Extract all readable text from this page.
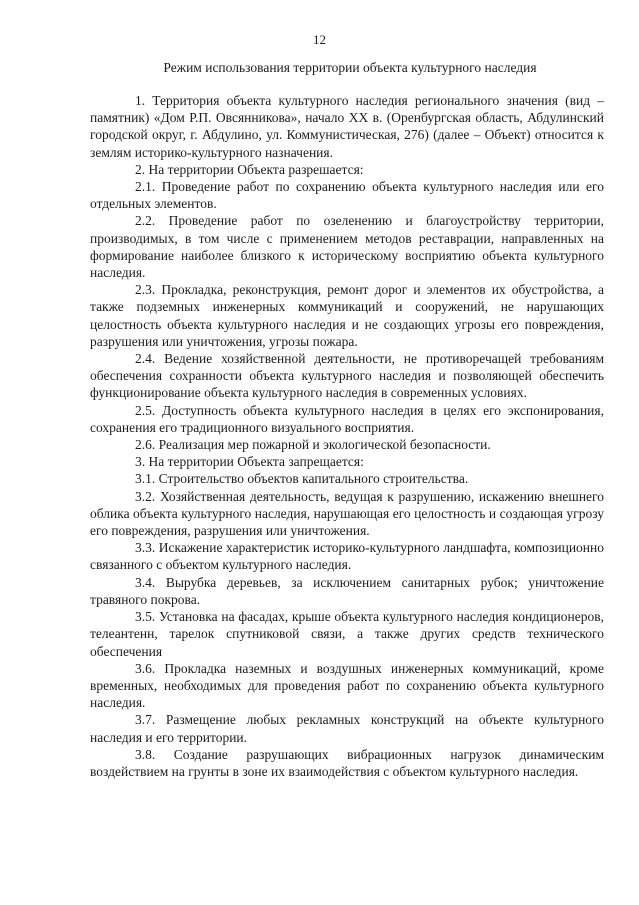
12
Режим использования территории объекта культурного наследия

1. Территория объекта культурного наследия регионального значения (вид – памятник) «Дом Р.П. Овсянникова», начало XX в. (Оренбургская область, Абдулинский городской округ, г. Абдулино, ул. Коммунистическая, 276) (далее – Объект) относится к землям историко-культурного назначения.

2. На территории Объекта разрешается:

2.1. Проведение работ по сохранению объекта культурного наследия или его отдельных элементов.

2.2. Проведение работ по озеленению и благоустройству территории, производимых, в том числе с применением методов реставрации, направленных на формирование наиболее близкого к историческому восприятию объекта культурного наследия.

2.3. Прокладка, реконструкция, ремонт дорог и элементов их обустройства, а также подземных инженерных коммуникаций и сооружений, не нарушающих целостность объекта культурного наследия и не создающих угрозы его повреждения, разрушения или уничтожения, угрозы пожара.

2.4. Ведение хозяйственной деятельности, не противоречащей требованиям обеспечения сохранности объекта культурного наследия и позволяющей обеспечить функционирование объекта культурного наследия в современных условиях.

2.5. Доступность объекта культурного наследия в целях его экспонирования, сохранения его традиционного визуального восприятия.

2.6. Реализация мер пожарной и экологической безопасности.

3. На территории Объекта запрещается:

3.1. Строительство объектов капитального строительства.

3.2. Хозяйственная деятельность, ведущая к разрушению, искажению внешнего облика объекта культурного наследия, нарушающая его целостность и создающая угрозу его повреждения, разрушения или уничтожения.

3.3. Искажение характеристик историко-культурного ландшафта, композиционно связанного с объектом культурного наследия.

3.4. Вырубка деревьев, за исключением санитарных рубок; уничтожение травяного покрова.

3.5. Установка на фасадах, крыше объекта культурного наследия кондиционеров, телеантенн, тарелок спутниковой связи, а также других средств технического обеспечения

3.6. Прокладка наземных и воздушных инженерных коммуникаций, кроме временных, необходимых для проведения работ по сохранению объекта культурного наследия.

3.7. Размещение любых рекламных конструкций на объекте культурного наследия и его территории.

3.8. Создание разрушающих вибрационных нагрузок динамическим воздействием на грунты в зоне их взаимодействия с объектом культурного наследия.
